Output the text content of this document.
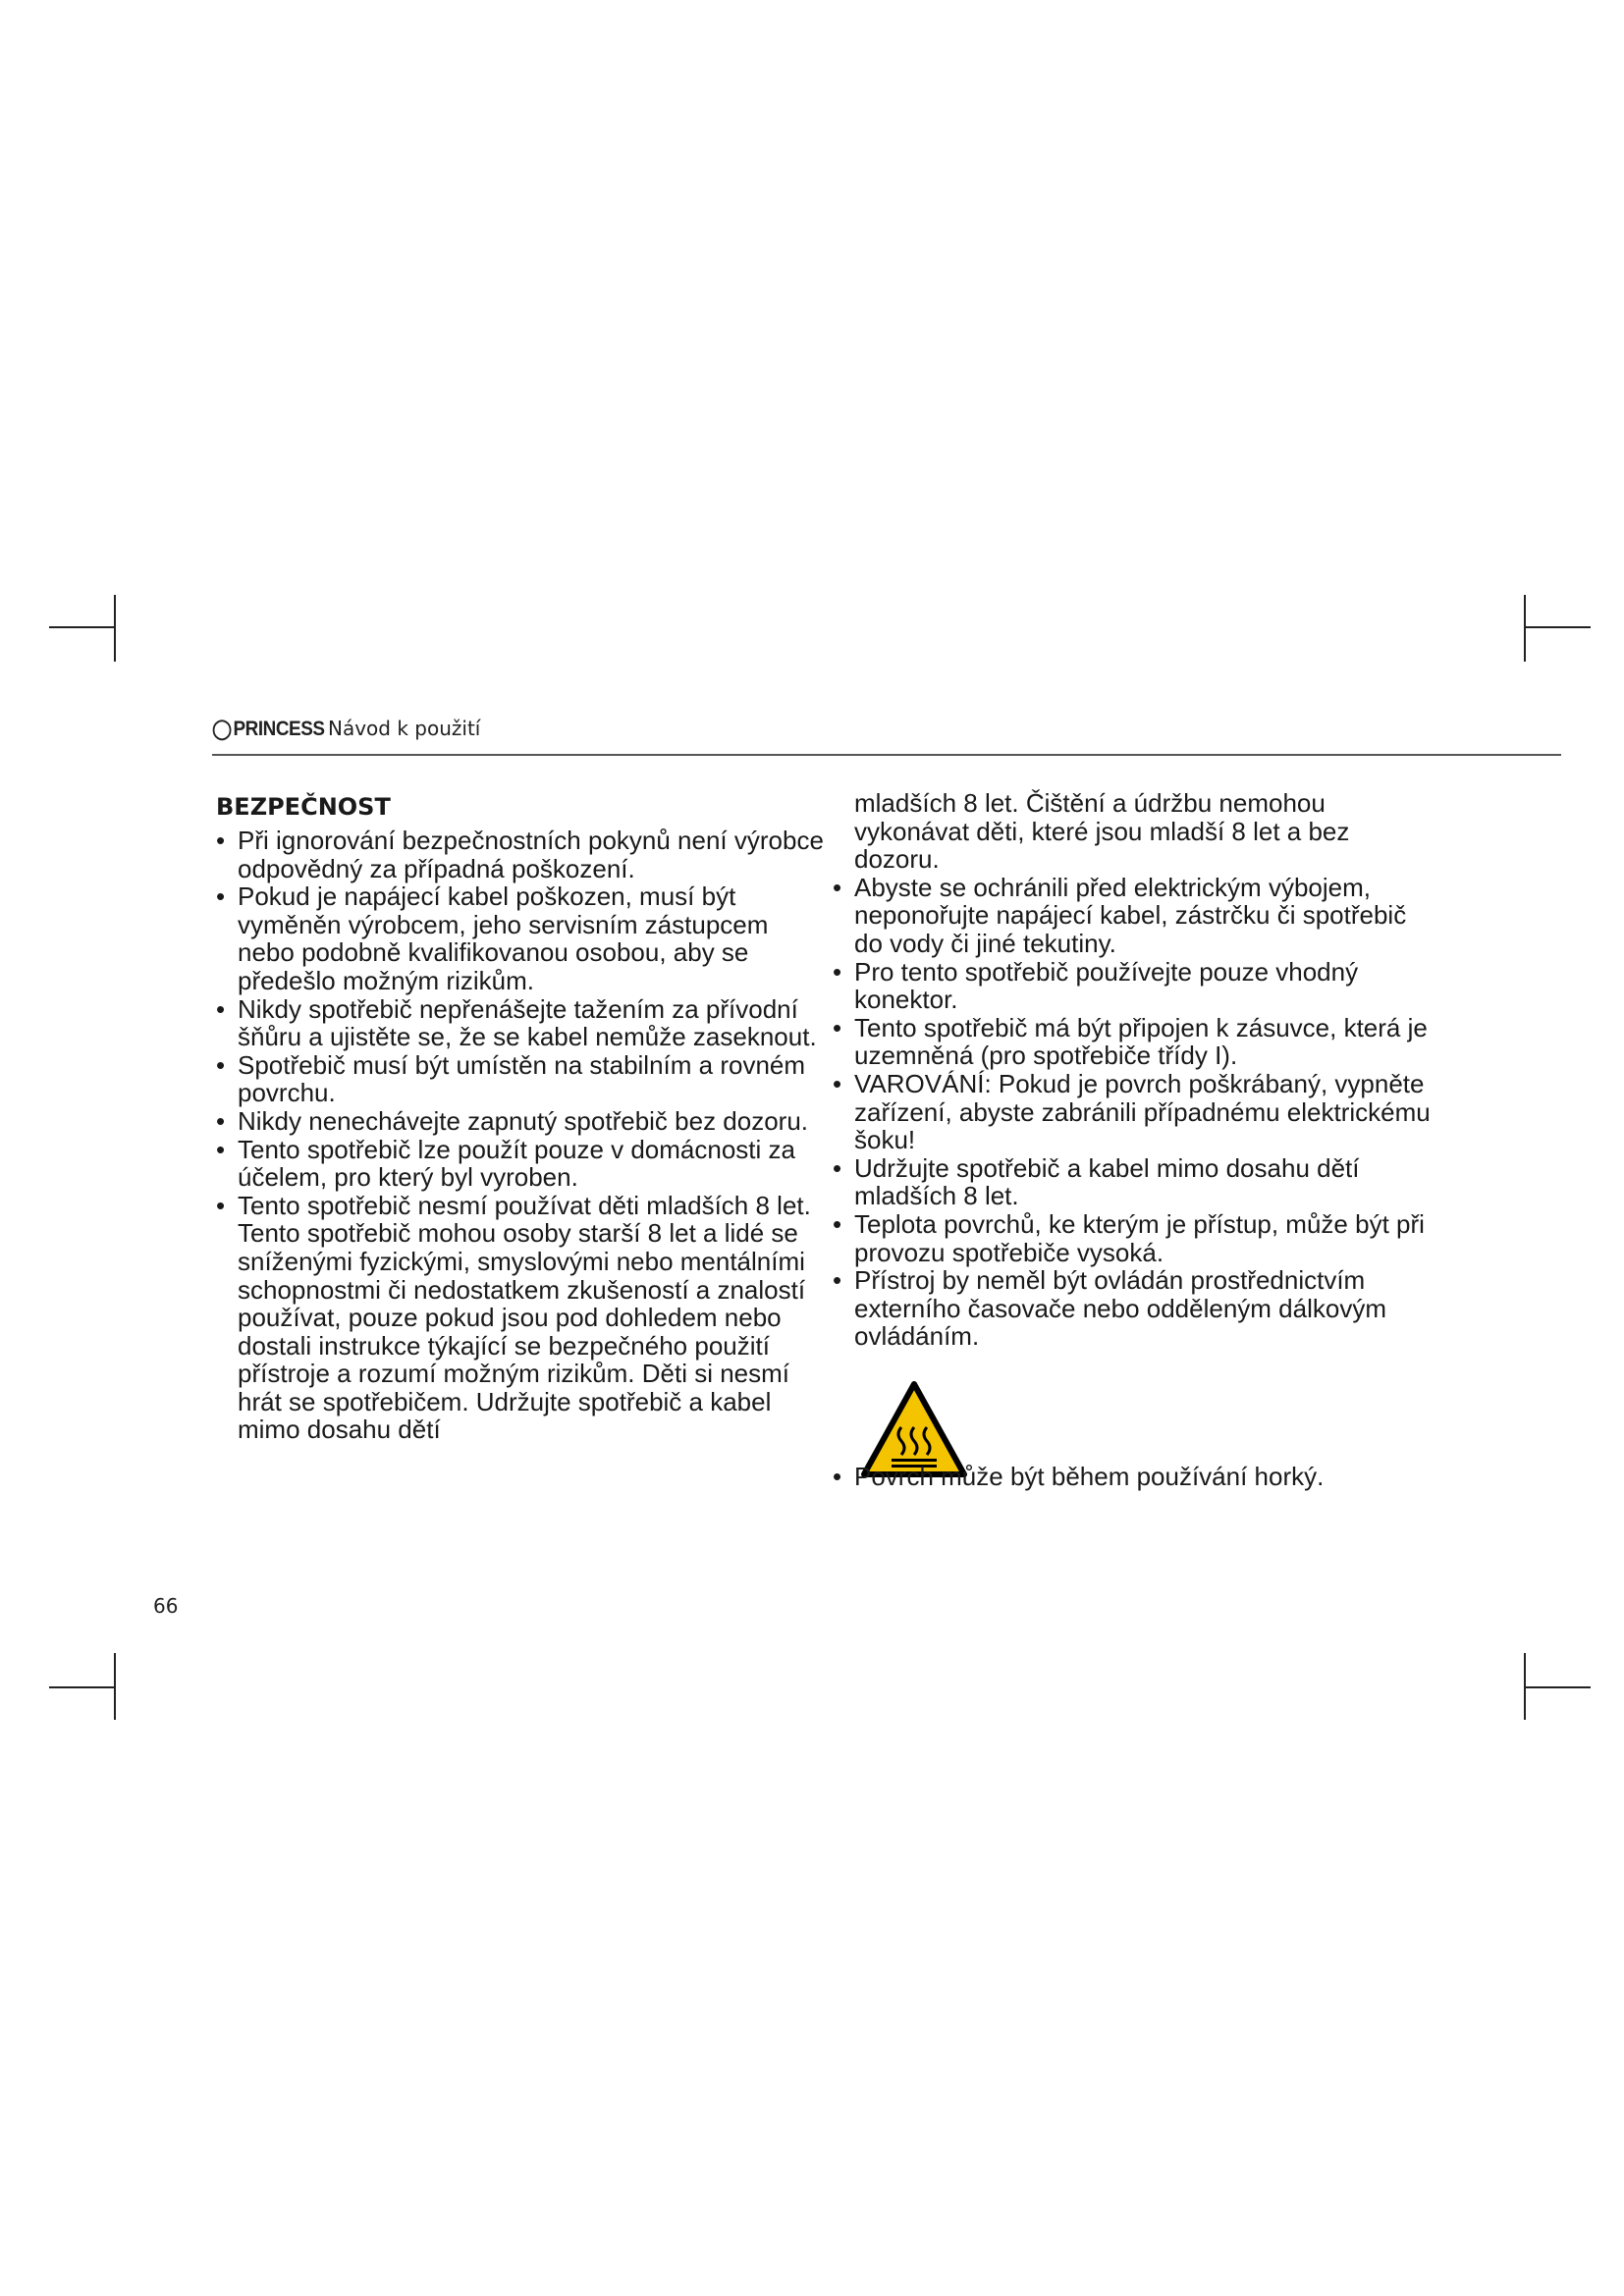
◯PRINCESS Návod k použití
BEZPEČNOST
• Při ignorování bezpečnostních pokynů není výrobce odpovědný za případná poškození.
• Pokud je napájecí kabel poškozen, musí být vyměněn výrobcem, jeho servisním zástupcem nebo podobně kvalifikovanou osobou, aby se předešlo možným rizikům.
• Nikdy spotřebič nepřenášejte tažením za přívodní šňůru a ujistěte se, že se kabel nemůže zaseknout.
• Spotřebič musí být umístěn na stabilním a rovném povrchu.
• Nikdy nenechávejte zapnutý spotřebič bez dozoru.
• Tento spotřebič lze použít pouze v domácnosti za účelem, pro který byl vyroben.
• Tento spotřebič nesmí používat děti mladších 8 let. Tento spotřebič mohou osoby starší 8 let a lidé se sníženými fyzickými, smyslovými nebo mentálními schopnostmi či nedostatkem zkušeností a znalostí používat, pouze pokud jsou pod dohledem nebo dostali instrukce týkající se bezpečného použití přístroje a rozumí možným rizikům. Děti si nesmí hrát se spotřebičem. Udržujte spotřebič a kabel mimo dosahu dětí
mladších 8 let. Čištění a údržbu nemohou vykonávat děti, které jsou mladší 8 let a bez dozoru.
• Abyste se ochránili před elektrickým výbojem, neponořujte napájecí kabel, zástrčku či spotřebič do vody či jiné tekutiny.
• Pro tento spotřebič používejte pouze vhodný konektor.
• Tento spotřebič má být připojen k zásuvce, která je uzemněná (pro spotřebiče třídy I).
• VAROVÁNÍ: Pokud je povrch poškrábaný, vypněte zařízení, abyste zabránili případnému elektrickému šoku!
• Udržujte spotřebič a kabel mimo dosahu dětí mladších 8 let.
• Teplota povrchů, ke kterým je přístup, může být při provozu spotřebiče vysoká.
• Přístroj by neměl být ovládán prostřednictvím externího časovače nebo odděleným dálkovým ovládáním.
• Povrch může být během používání horký.
66
